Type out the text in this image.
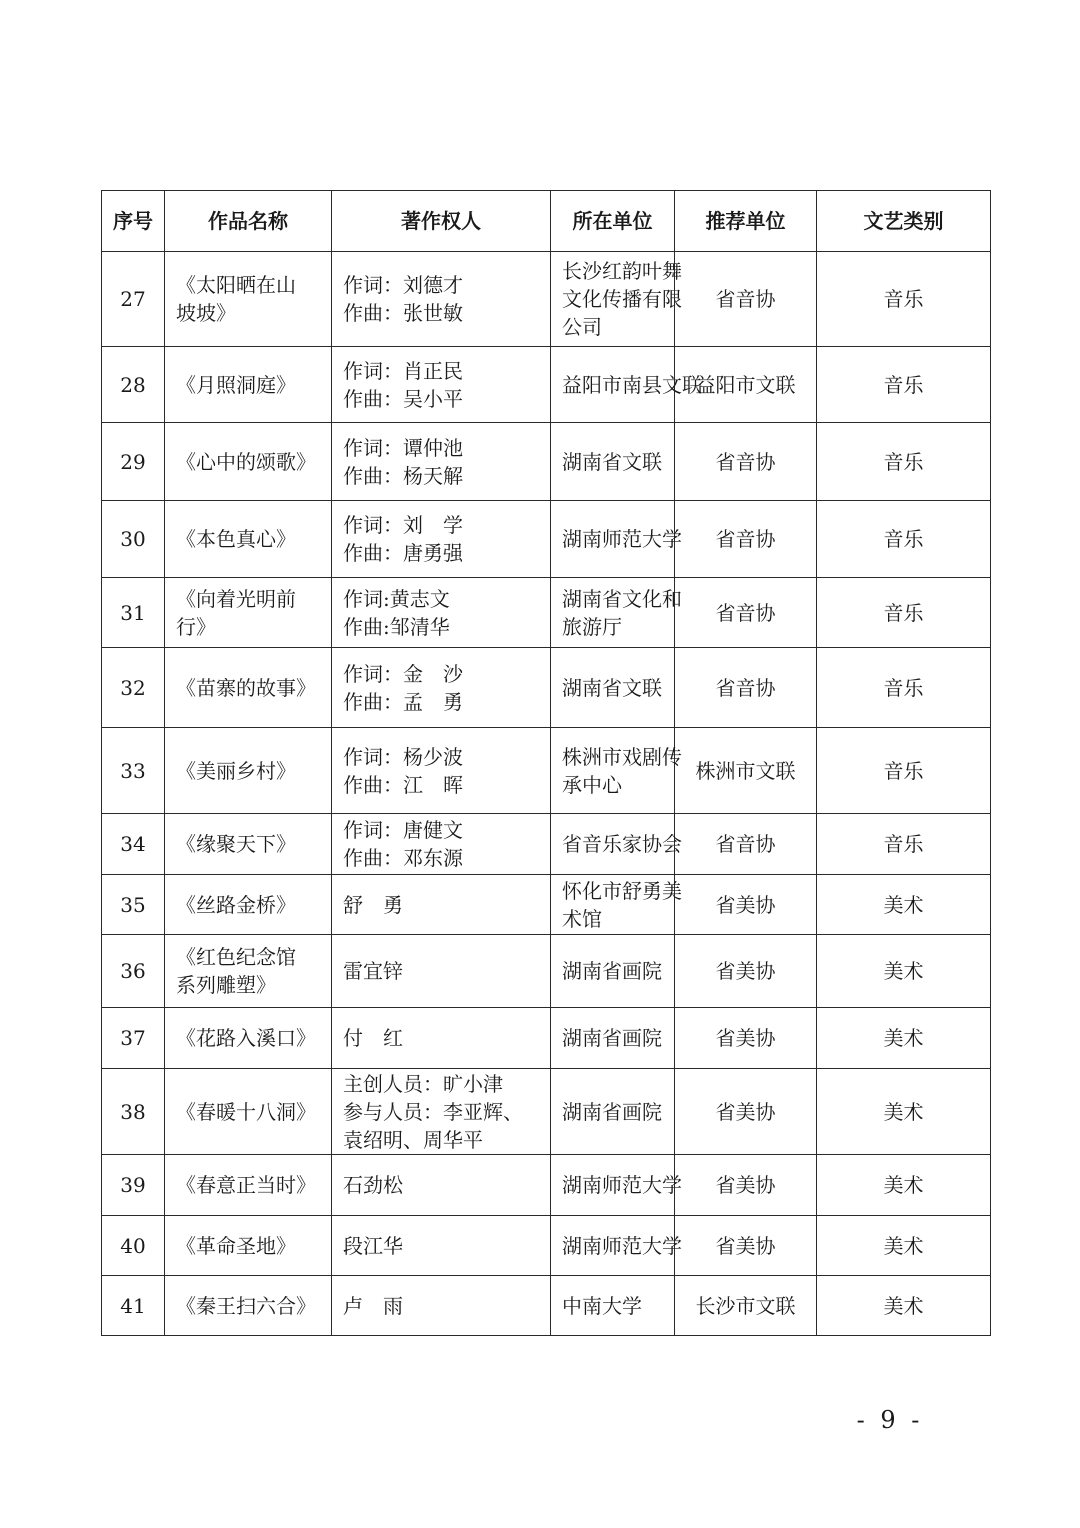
序号	作品名称	著作权人	所在单位	推荐单位	文艺类别
27	《太阳晒在山
坡坡》	作词：刘德才
作曲：张世敏	长沙红韵叶舞
文化传播有限
公司	省音协	音乐
28	《月照洞庭》	作词：肖正民
作曲：吴小平	益阳市南县文联	益阳市文联	音乐
29	《心中的颂歌》	作词：谭仲池
作曲：杨天解	湖南省文联	省音协	音乐
30	《本色真心》	作词：刘　学
作曲：唐勇强	湖南师范大学	省音协	音乐
31	《向着光明前
行》	作词:黄志文
作曲:邹清华	湖南省文化和
旅游厅	省音协	音乐
32	《苗寨的故事》	作词：金　沙
作曲：孟　勇	湖南省文联	省音协	音乐
33	《美丽乡村》	作词：杨少波
作曲：江　晖	株洲市戏剧传
承中心	株洲市文联	音乐
34	《缘聚天下》	作词：唐健文
作曲：邓东源	省音乐家协会	省音协	音乐
35	《丝路金桥》	舒　勇	怀化市舒勇美
术馆	省美协	美术
36	《红色纪念馆
系列雕塑》	雷宜锌	湖南省画院	省美协	美术
37	《花路入溪口》	付　红	湖南省画院	省美协	美术
38	《春暖十八洞》	主创人员：旷小津
参与人员：李亚辉、
袁绍明、周华平	湖南省画院	省美协	美术
39	《春意正当时》	石劲松	湖南师范大学	省美协	美术
40	《革命圣地》	段江华	湖南师范大学	省美协	美术
41	《秦王扫六合》	卢　雨	中南大学	长沙市文联	美术
- 9 -
